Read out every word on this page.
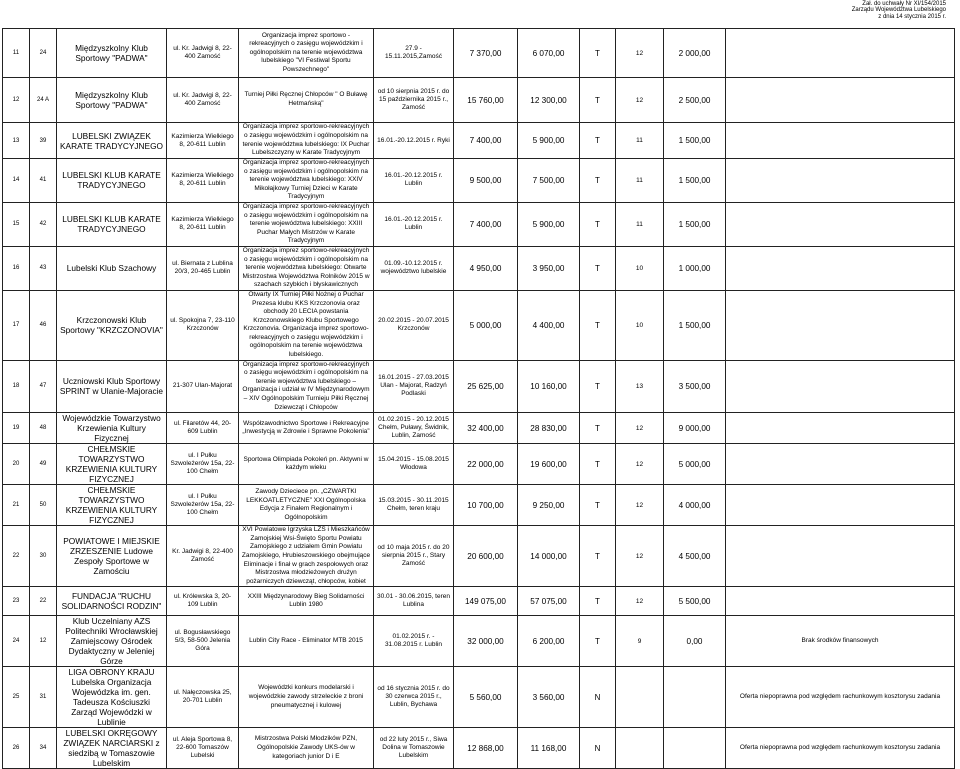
Zał. do uchwały Nr XI/154/2015
Zarządu Województwa Lubelskiego
z dnia 14 stycznia 2015 r.
11	24	Międzyszkolny Klub Sportowy "PADWA"	ul. Kr. Jadwigi 8, 22-400 Zamość	Organizacja imprez sportowo - rekreacyjnych o zasięgu wojewódzkim i ogólnopolskim na terenie województwa lubelskiego "VI Festiwal Sportu Powszechnego"	27.9 - 15.11.2015,Zamość	7 370,00	6 070,00	T	12	2 000,00	
12	24 A	Międzyszkolny Klub Sportowy "PADWA"	ul. Kr. Jadwigi 8, 22-400 Zamość	Turniej Piłki Ręcznej Chłopców " O Buławę Hetmańską"	od 10 sierpnia 2015 r. do 15 października 2015 r., Zamość	15 760,00	12 300,00	T	12	2 500,00	
13	39	LUBELSKI ZWIĄZEK KARATE TRADYCYJNEGO	Kazimierza Wielkiego 8, 20-611 Lublin	Organizacja imprez sportowo-rekreacyjnych o zasięgu wojewódzkim i ogólnopolskim na terenie województwa lubelskiego: IX Puchar Lubelszczyzny w Karate Tradycyjnym	16.01.-20.12.2015 r. Ryki	7 400,00	5 900,00	T	11	1 500,00	
14	41	LUBELSKI KLUB KARATE TRADYCYJNEGO	Kazimierza Wielkiego 8, 20-611 Lublin	Organizacja imprez sportowo-rekreacyjnych o zasięgu wojewódzkim i ogólnopolskim na terenie województwa lubelskiego: XXIV Mikołajkowy Turniej Dzieci w Karate Tradycyjnym	16.01.-20.12.2015 r. Lublin	9 500,00	7 500,00	T	11	1 500,00	
15	42	LUBELSKI KLUB KARATE TRADYCYJNEGO	Kazimierza Wielkiego 8, 20-611 Lublin	Organizacja imprez sportowo-rekreacyjnych o zasięgu wojewódzkim i ogólnopolskim na terenie województwa lubelskiego: XXIII Puchar Małych Mistrzów w Karate Tradycyjnym	16.01.-20.12.2015 r. Lublin	7 400,00	5 900,00	T	11	1 500,00	
16	43	Lubelski Klub Szachowy	ul. Biernata z Lublina 20/3, 20-465 Lublin	Organizacja imprez sportowo-rekreacyjnych o zasięgu wojewódzkim i ogólnopolskim na terenie województwa lubelskiego: Otwarte Mistrzostwa Województwa Rolników 2015 w szachach szybkich i błyskawicznych	01.09.-10.12.2015 r. województwo lubelskie	4 950,00	3 950,00	T	10	1 000,00	
17	46	Krzczonowski Klub Sportowy "KRZCZONOVIA"	ul. Spokojna 7, 23-110 Krzczonów	Otwarty IX Turniej Piłki Nożnej o Puchar Prezesa klubu KKS Krzczonovia oraz obchody 20 LECIA powstania Krzczonowskiego Klubu Sportowego Krzczonovia. Organizacja imprez sportowo-rekreacyjnych o zasięgu wojewódzkim i ogólnopolskim na terenie województwa lubelskiego.	20.02.2015 - 20.07.2015 Krzczonów	5 000,00	4 400,00	T	10	1 500,00	
18	47	Uczniowski Klub Sportowy SPRINT w Ulanie-Majoracie	21-307 Ulan-Majorat	Organizacja imprez sportowo-rekreacyjnych o zasięgu wojewódzkim i ogólnopolskim na terenie województwa lubelskiego – Organizacja i udział w IV Międzynarodowym – XIV Ogólnopolskim Turnieju Piłki Ręcznej Dziewcząt i Chłopców	16.01.2015 - 27.03.2015 Ulan - Majorat, Radzyń Podlaski	25 625,00	10 160,00	T	13	3 500,00	
19	48	Wojewódzkie Towarzystwo Krzewienia Kultury Fizycznej	ul. Filaretów 44, 20-609 Lublin	Współzawodnictwo Sportowe i Rekreacyjne „Inwestycją w Zdrowie i Sprawne Pokolenia”	01.02.2015 - 20.12.2015 Chełm, Puławy, Świdnik, Lublin, Zamość	32 400,00	28 830,00	T	12	9 000,00	
20	49	CHEŁMSKIE TOWARZYSTWO KRZEWIENIA KULTURY FIZYCZNEJ	ul. I Pułku Szwoleżerów 15a, 22-100 Chełm	Sportowa Olimpiada Pokoleń pn. Aktywni w każdym wieku	15.04.2015 - 15.08.2015 Włodowa	22 000,00	19 600,00	T	12	5 000,00	
21	50	CHEŁMSKIE TOWARZYSTWO KRZEWIENIA KULTURY FIZYCZNEJ	ul. I Pułku Szwoleżerów 15a, 22-100 Chełm	Zawody Dzieciece pn. „CZWARTKI LEKKOATLETYCZNE” XXI Ogólnopolska Edycja z Finałem Regionalnym i Ogólnopolskim	15.03.2015 - 30.11.2015 Chełm, teren kraju	10 700,00	9 250,00	T	12	4 000,00	
22	30	POWIATOWE I MIEJSKIE ZRZESZENIE Ludowe Zespoły Sportowe w Zamościu	Kr. Jadwigi 8, 22-400 Zamość	XVI Powiatowe Igrzyska LZS i Mieszkańców Zamojskiej Wsi-Święto Sportu Powiatu Zamojskiego z udziałem Gmin Powiatu Zamojskiego, Hrubieszowskiego obejmujące Eliminacje i finał w grach zespołowych oraz Mistrzostwa młodzieżowych drużyn pożarniczych dziewcząt, chłopców, kobiet	od 10 maja 2015 r. do 20 sierpnia 2015 r., Stary Zamość	20 600,00	14 000,00	T	12	4 500,00	
23	22	FUNDACJA "RUCHU SOLIDARNOŚCI RODZIN"	ul. Królewska 3, 20-109 Lublin	XXIII Międzynarodowy Bieg Solidarności Lublin 1980	30.01 - 30.06.2015, teren Lublina	149 075,00	57 075,00	T	12	5 500,00	
24	12	Klub Uczelniany AZS Politechniki Wrocławskiej Zamiejscowy Ośrodek Dydaktyczny w Jeleniej Górze	ul. Bogusławskiego 5/3, 58-500 Jelenia Góra	Lublin City Race - Eliminator MTB 2015	01.02.2015 r. - 31.08.2015 r. Lublin	32 000,00	6 200,00	T	9	0,00	Brak środków finansowych
25	31	LIGA OBRONY KRAJU Lubelska Organizacja Wojewódzka im. gen. Tadeusza Kościuszki Zarząd Wojewódzki w Lublinie	ul. Nałęczowska 25, 20-701 Lublin	Wojewódzki konkurs modelarski i wojewódzkie zawody strzeleckie z broni pneumatycznej i kulowej	od 16 stycznia 2015 r. do 30 czerwca 2015 r., Lublin, Bychawa	5 560,00	3 560,00	N			Oferta niepoprawna pod względem rachunkowym kosztorysu zadania
26	34	LUBELSKI OKRĘGOWY ZWIĄZEK NARCIARSKI z siedzibą w Tomaszowie Lubelskim	ul. Aleja Sportowa 8, 22-600 Tomaszów Lubelski	Mistrzostwa Polski Młodzików PZN, Ogólnopolskie Zawody UKS-ów w kategoriach junior D i E	od 22 luty 2015 r., Siwa Dolina w Tomaszowie Lubelskim	12 868,00	11 168,00	N			Oferta niepoprawna pod względem rachunkowym kosztorysu zadania
